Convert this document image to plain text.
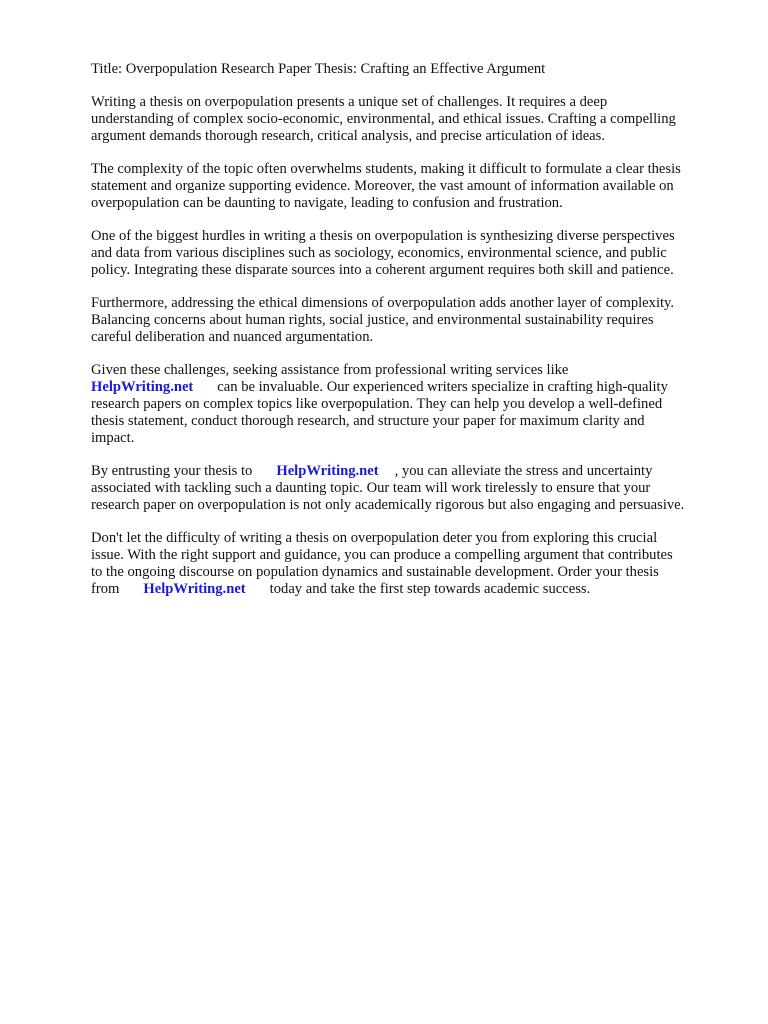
Title: Overpopulation Research Paper Thesis: Crafting an Effective Argument
Writing a thesis on overpopulation presents a unique set of challenges. It requires a deep
understanding of complex socio-economic, environmental, and ethical issues. Crafting a compelling
argument demands thorough research, critical analysis, and precise articulation of ideas.
The complexity of the topic often overwhelms students, making it difficult to formulate a clear thesis
statement and organize supporting evidence. Moreover, the vast amount of information available on
overpopulation can be daunting to navigate, leading to confusion and frustration.
One of the biggest hurdles in writing a thesis on overpopulation is synthesizing diverse perspectives
and data from various disciplines such as sociology, economics, environmental science, and public
policy. Integrating these disparate sources into a coherent argument requires both skill and patience.
Furthermore, addressing the ethical dimensions of overpopulation adds another layer of complexity.
Balancing concerns about human rights, social justice, and environmental sustainability requires
careful deliberation and nuanced argumentation.
Given these challenges, seeking assistance from professional writing services like
HelpWriting.net can be invaluable. Our experienced writers specialize in crafting high-quality
research papers on complex topics like overpopulation. They can help you develop a well-defined
thesis statement, conduct thorough research, and structure your paper for maximum clarity and
impact.
By entrusting your thesis to HelpWriting.net , you can alleviate the stress and uncertainty
associated with tackling such a daunting topic. Our team will work tirelessly to ensure that your
research paper on overpopulation is not only academically rigorous but also engaging and persuasive.
Don't let the difficulty of writing a thesis on overpopulation deter you from exploring this crucial
issue. With the right support and guidance, you can produce a compelling argument that contributes
to the ongoing discourse on population dynamics and sustainable development. Order your thesis
from HelpWriting.net today and take the first step towards academic success.
